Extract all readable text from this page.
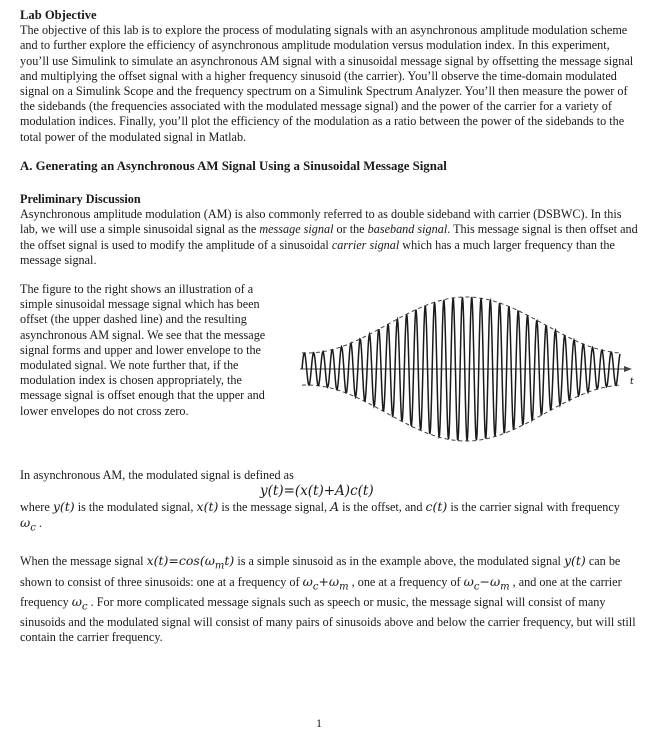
Lab Objective

The objective of this lab is to explore the process of modulating signals with an asynchronous amplitude modulation scheme and to further explore the efficiency of asynchronous amplitude modulation versus modulation index. In this experiment, you’ll use Simulink to simulate an asynchronous AM signal with a sinusoidal message signal by offsetting the message signal and multiplying the offset signal with a higher frequency sinusoid (the carrier). You’ll observe the time-domain modulated signal on a Simulink Scope and the frequency spectrum on a Simulink Spectrum Analyzer. You’ll then measure the power of the sidebands (the frequencies associated with the modulated message signal) and the power of the carrier for a variety of modulation indices. Finally, you’ll plot the efficiency of the modulation as a ratio between the power of the sidebands to the total power of the modulated signal in Matlab.

A. Generating an Asynchronous AM Signal Using a Sinusoidal Message Signal

Preliminary Discussion

Asynchronous amplitude modulation (AM) is also commonly referred to as double sideband with carrier (DSBWC). In this lab, we will use a simple sinusoidal signal as the message signal or the baseband signal. This message signal is then offset and the offset signal is used to modify the amplitude of a sinusoidal carrier signal which has a much larger frequency than the message signal.

The figure to the right shows an illustration of a simple sinusoidal message signal which has been offset (the upper dashed line) and the resulting asynchronous AM signal. We see that the message signal forms and upper and lower envelope to the modulated signal. We note further that, if the modulation index is chosen appropriately, the message signal is offset enough that the upper and lower envelopes do not cross zero.

t

In asynchronous AM, the modulated signal is defined as

y(t)=(x(t)+A)c(t)

where y(t) is the modulated signal, x(t) is the message signal, A is the offset, and c(t) is the carrier signal with frequency $\omega_c$ .

When the message signal $x(t)=\cos(\omega_mt)$ is a simple sinusoid as in the example above, the modulated signal y(t) can be shown to consist of three sinusoids: one at a frequency of $\omega_c+\omega_m$ , one at a frequency of $\omega_c-\omega_m$ , and one at the carrier frequency $\omega_c$ . For more complicated message signals such as speech or music, the message signal will consist of many sinusoids and the modulated signal will consist of many pairs of sinusoids above and below the carrier frequency, but will still contain the carrier frequency.

1
